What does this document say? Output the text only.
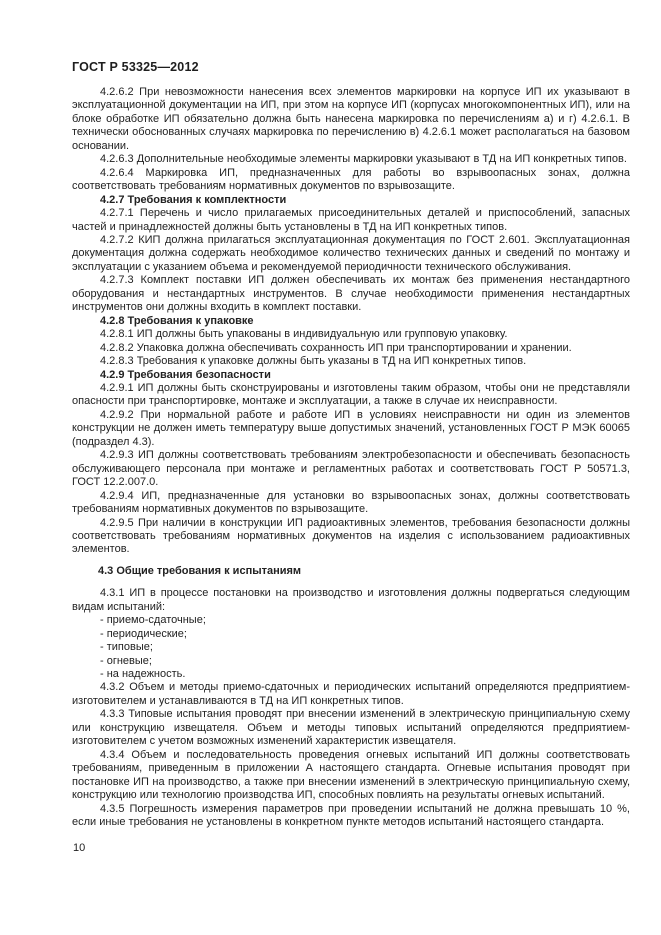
ГОСТ Р 53325—2012

4.2.6.2 При невозможности нанесения всех элементов маркировки на корпусе ИП их указывают в эксплуатационной документации на ИП, при этом на корпусе ИП (корпусах многокомпонентных ИП), или на блоке обработке ИП обязательно должна быть нанесена маркировка по перечислениям а) и г) 4.2.6.1. В технически обоснованных случаях маркировка по перечислению в) 4.2.6.1 может располагаться на базовом основании.

4.2.6.3 Дополнительные необходимые элементы маркировки указывают в ТД на ИП конкретных типов.

4.2.6.4 Маркировка ИП, предназначенных для работы во взрывоопасных зонах, должна соответствовать требованиям нормативных документов по взрывозащите.

4.2.7 Требования к комплектности

4.2.7.1 Перечень и число прилагаемых присоединительных деталей и приспособлений, запасных частей и принадлежностей должны быть установлены в ТД на ИП конкретных типов.

4.2.7.2 КИП должна прилагаться эксплуатационная документация по ГОСТ 2.601. Эксплуатационная документация должна содержать необходимое количество технических данных и сведений по монтажу и эксплуатации с указанием объема и рекомендуемой периодичности технического обслуживания.

4.2.7.3 Комплект поставки ИП должен обеспечивать их монтаж без применения нестандартного оборудования и нестандартных инструментов. В случае необходимости применения нестандартных инструментов они должны входить в комплект поставки.

4.2.8 Требования к упаковке

4.2.8.1 ИП должны быть упакованы в индивидуальную или групповую упаковку.

4.2.8.2 Упаковка должна обеспечивать сохранность ИП при транспортировании и хранении.

4.2.8.3 Требования к упаковке должны быть указаны в ТД на ИП конкретных типов.

4.2.9 Требования безопасности

4.2.9.1 ИП должны быть сконструированы и изготовлены таким образом, чтобы они не представляли опасности при транспортировке, монтаже и эксплуатации, а также в случае их неисправности.

4.2.9.2 При нормальной работе и работе ИП в условиях неисправности ни один из элементов конструкции не должен иметь температуру выше допустимых значений, установленных ГОСТ Р МЭК 60065 (подраздел 4.3).

4.2.9.3 ИП должны соответствовать требованиям электробезопасности и обеспечивать безопасность обслуживающего персонала при монтаже и регламентных работах и соответствовать ГОСТ Р 50571.3, ГОСТ 12.2.007.0.

4.2.9.4 ИП, предназначенные для установки во взрывоопасных зонах, должны соответствовать требованиям нормативных документов по взрывозащите.

4.2.9.5 При наличии в конструкции ИП радиоактивных элементов, требования безопасности должны соответствовать требованиям нормативных документов на изделия с использованием радиоактивных элементов.

4.3 Общие требования к испытаниям

4.3.1 ИП в процессе постановки на производство и изготовления должны подвергаться следующим видам испытаний:

- приемо-сдаточные;

- периодические;

- типовые;

- огневые;

- на надежность.

4.3.2 Объем и методы приемо-сдаточных и периодических испытаний определяются предприятием-изготовителем и устанавливаются в ТД на ИП конкретных типов.

4.3.3 Типовые испытания проводят при внесении изменений в электрическую принципиальную схему или конструкцию извещателя. Объем и методы типовых испытаний определяются предприятием-изготовителем с учетом возможных изменений характеристик извещателя.

4.3.4 Объем и последовательность проведения огневых испытаний ИП должны соответствовать требованиям, приведенным в приложении А настоящего стандарта. Огневые испытания проводят при постановке ИП на производство, а также при внесении изменений в электрическую принципиальную схему, конструкцию или технологию производства ИП, способных повлиять на результаты огневых испытаний.

4.3.5 Погрешность измерения параметров при проведении испытаний не должна превышать 10 %, если иные требования не установлены в конкретном пункте методов испытаний настоящего стандарта.

10
